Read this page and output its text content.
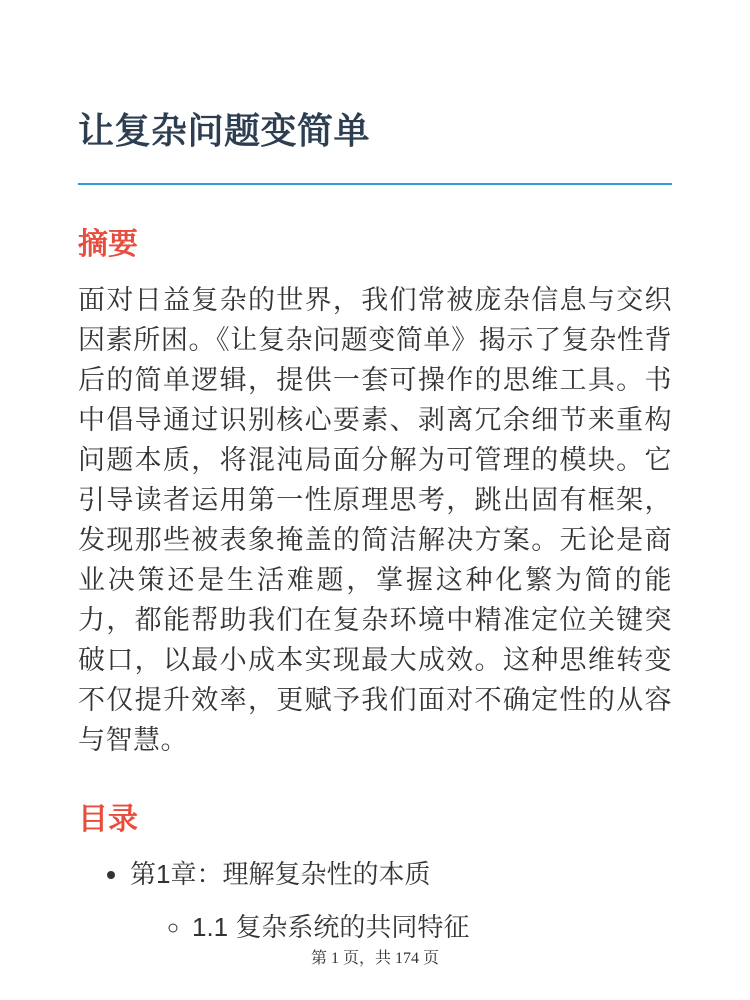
让复杂问题变简单
摘要

面对日益复杂的世界，我们常被庞杂信息与交织因素所困。《让复杂问题变简单》揭示了复杂性背后的简单逻辑，提供一套可操作的思维工具。书中倡导通过识别核心要素、剥离冗余细节来重构问题本质，将混沌局面分解为可管理的模块。它引导读者运用第一性原理思考，跳出固有框架，发现那些被表象掩盖的简洁解决方案。无论是商业决策还是生活难题，掌握这种化繁为简的能力，都能帮助我们在复杂环境中精准定位关键突破口，以最小成本实现最大成效。这种思维转变不仅提升效率，更赋予我们面对不确定性的从容与智慧。

目录
• 第1章：理解复杂性的本质
◦ 1.1 复杂系统的共同特征
第 1 页，共 174 页
